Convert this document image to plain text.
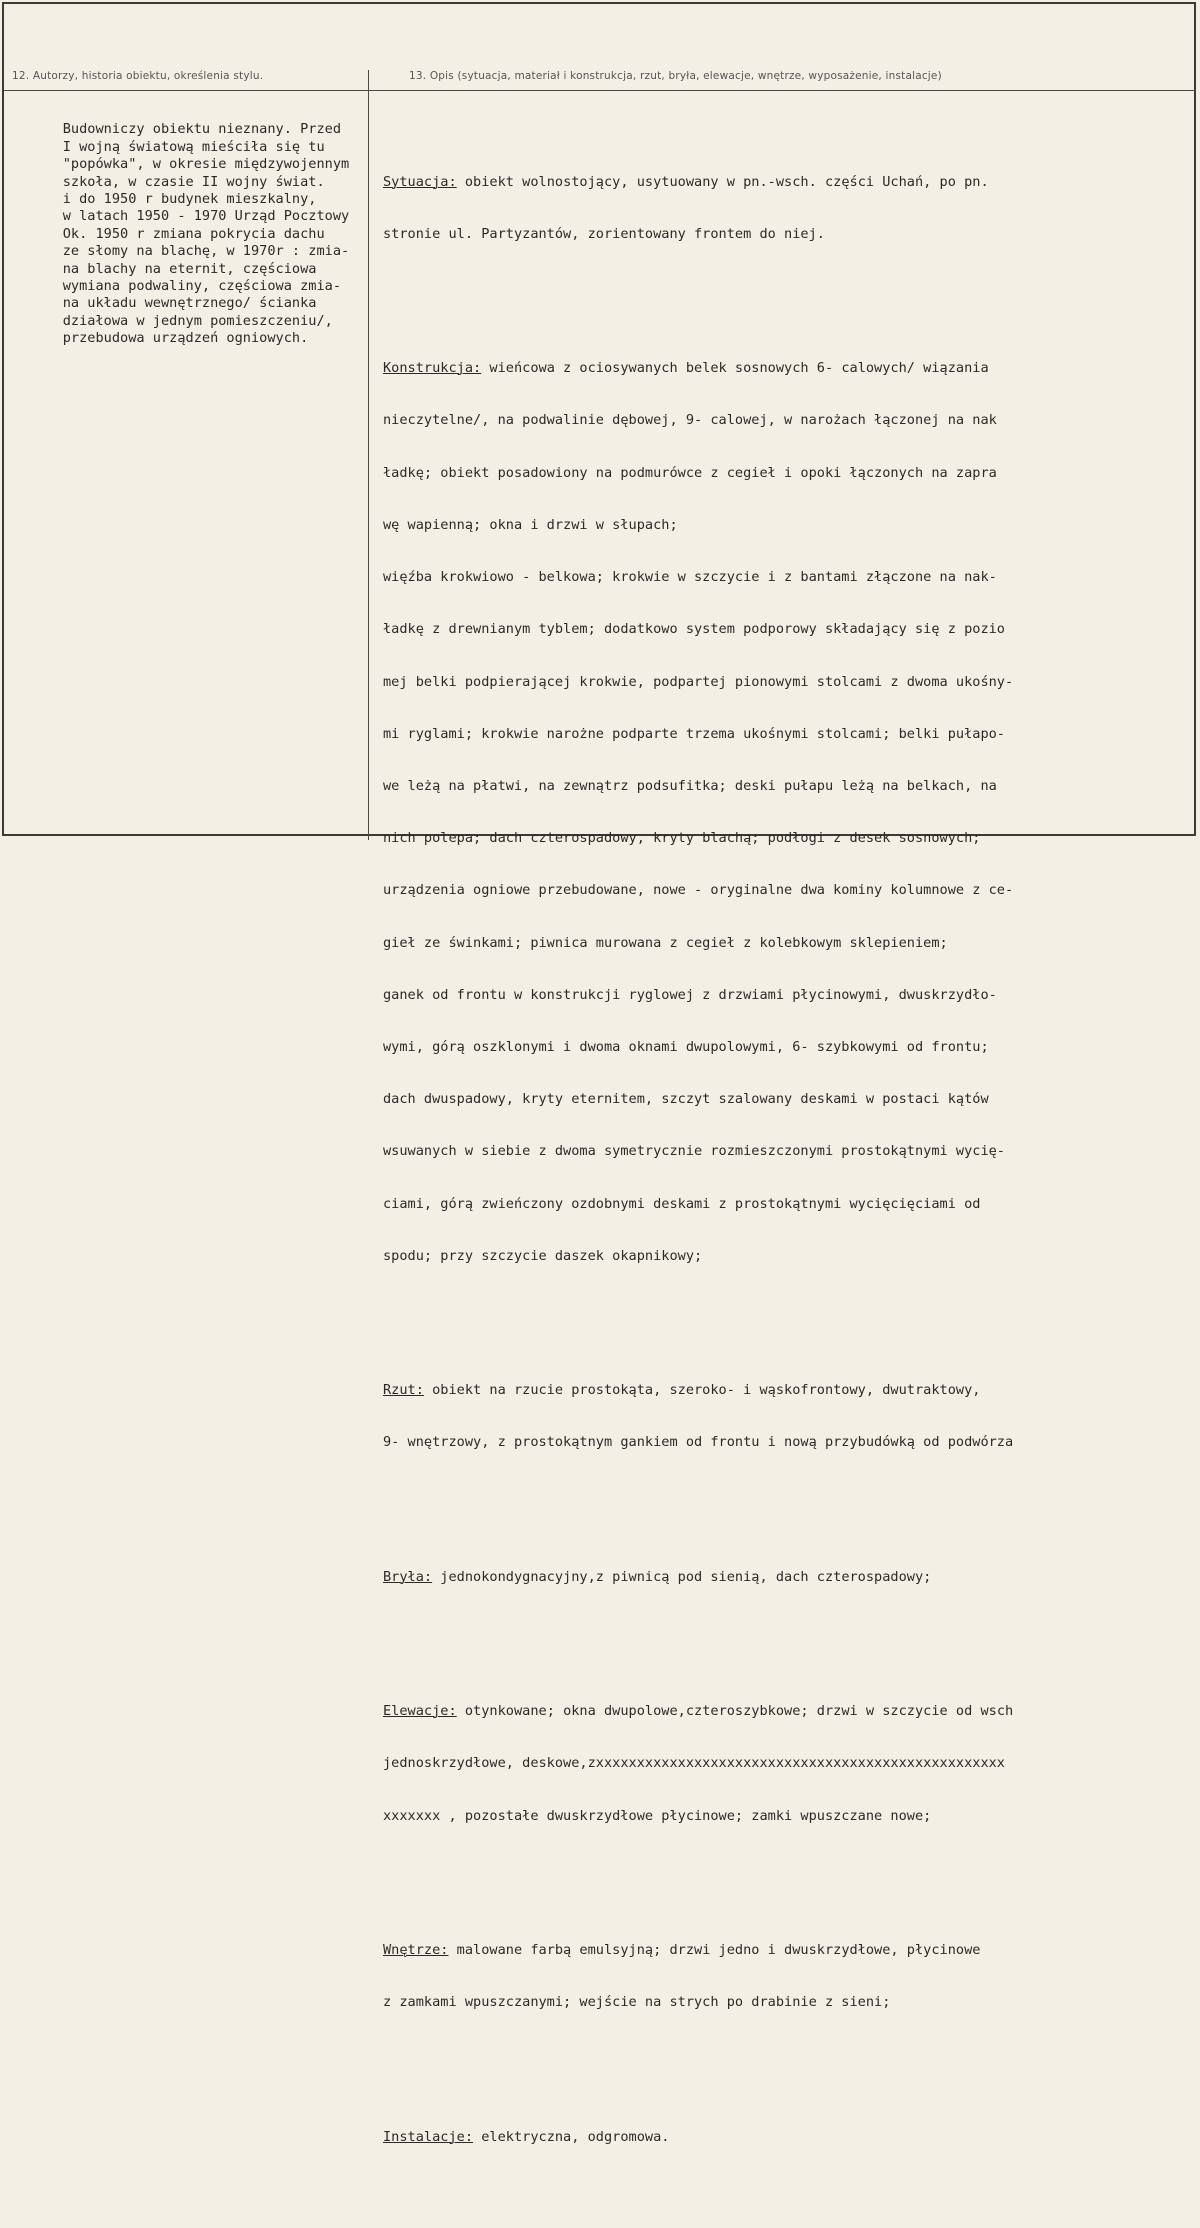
12. Autorzy, historia obiektu, określenia stylu.	13. Opis (sytuacja, materiał i konstrukcja, rzut, bryła, elewacje, wnętrze, wyposażenie, instalacje)

Budowniczy obiektu nieznany. Przed
I wojną światową mieściła się tu
"popówka", w okresie międzywojennym
szkoła, w czasie II wojny świat.
i do 1950 r budynek mieszkalny,
w latach 1950 - 1970 Urząd Pocztowy
Ok. 1950 r zmiana pokrycia dachu
ze słomy na blachę, w 1970r : zmia-
na blachy na eternit, częściowa
wymiana podwaliny, częściowa zmia-
na układu wewnętrznego/ ścianka
działowa w jednym pomieszczeniu/,
przebudowa urządzeń ogniowych.

Sytuacja: obiekt wolnostojący, usytuowany w pn.-wsch. części Uchań, po pn.

stronie ul. Partyzantów, zorientowany frontem do niej.

Konstrukcja: wieńcowa z ociosywanych belek sosnowych 6- calowych/ wiązania

nieczytelne/, na podwalinie dębowej, 9- calowej, w narożach łączonej na nak

ładkę; obiekt posadowiony na podmurówce z cegieł i opoki łączonych na zapra

wę wapienną; okna i drzwi w słupach;

więźba krokwiowo - belkowa; krokwie w szczycie i z bantami złączone na nak-

ładkę z drewnianym tyblem; dodatkowo system podporowy składający się z pozio

mej belki podpierającej krokwie, podpartej pionowymi stolcami z dwoma ukośny-

mi ryglami; krokwie narożne podparte trzema ukośnymi stolcami; belki pułapo-

we leżą na płatwi, na zewnątrz podsufitka; deski pułapu leżą na belkach, na

nich polepa; dach czterospadowy, kryty blachą; podłogi z desek sosnowych;

urządzenia ogniowe przebudowane, nowe - oryginalne dwa kominy kolumnowe z ce-

gieł ze świnkami; piwnica murowana z cegieł z kolebkowym sklepieniem;

ganek od frontu w konstrukcji ryglowej z drzwiami płycinowymi, dwuskrzydło-

wymi, górą oszklonymi i dwoma oknami dwupolowymi, 6- szybkowymi od frontu;

dach dwuspadowy, kryty eternitem, szczyt szalowany deskami w postaci kątów

wsuwanych w siebie z dwoma symetrycznie rozmieszczonymi prostokątnymi wycię-

ciami, górą zwieńczony ozdobnymi deskami z prostokątnymi wycięcięciami od

spodu; przy szczycie daszek okapnikowy;

Rzut: obiekt na rzucie prostokąta, szeroko- i wąskofrontowy, dwutraktowy,

9- wnętrzowy, z prostokątnym gankiem od frontu i nową przybudówką od podwórza

Bryła: jednokondygnacyjny,z piwnicą pod sienią, dach czterospadowy;

Elewacje: otynkowane; okna dwupolowe,czteroszybkowe; drzwi w szczycie od wsch

jednoskrzydłowe, deskowe,zxxxxxxxxxxxxxxxxxxxxxxxxxxxxxxxxxxxxxxxxxxxxxxxxxx

xxxxxxx , pozostałe dwuskrzydłowe płycinowe; zamki wpuszczane nowe;

Wnętrze: malowane farbą emulsyjną; drzwi jedno i dwuskrzydłowe, płycinowe

z zamkami wpuszczanymi; wejście na strych po drabinie z sieni;

Instalacje: elektryczna, odgromowa.
